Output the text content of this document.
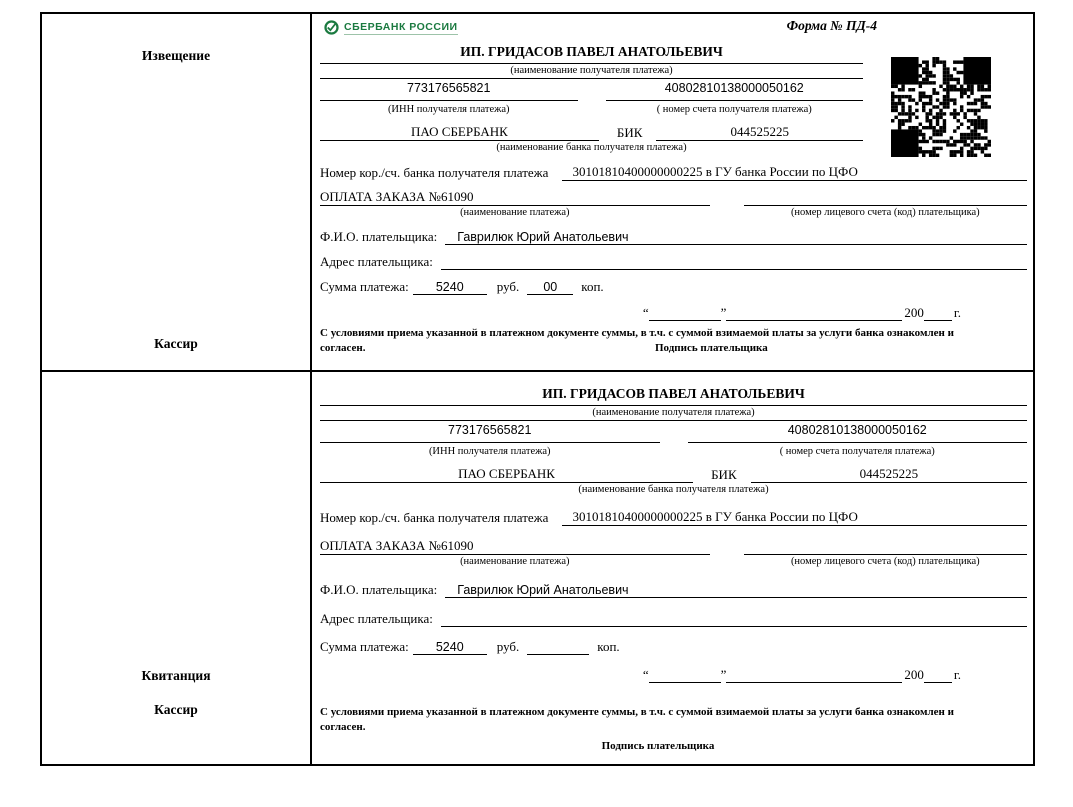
Извещение
Кассир
СБЕРБАНК РОССИИ	Форма № ПД-4
ИП. ГРИДАСОВ ПАВЕЛ АНАТОЛЬЕВИЧ
(наименование получателя платежа)
773176565821	40802810138000050162
(ИНН получателя платежа)	( номер счета получателя платежа)
ПАО СБЕРБАНК	БИК	044525225
(наименование банка получателя платежа)
Номер кор./сч. банка получателя платежа	30101810400000000225 в ГУ банка России по ЦФО
ОПЛАТА ЗАКАЗА №61090
(наименование платежа)	(номер лицевого счета (код) плательщика)
Ф.И.О. плательщика:	Гаврилюк Юрий Анатольевич
Адрес плательщика:
Сумма платежа:	5240	руб.	00	коп.
“	”	200 г.
С условиями приема указанной в платежном документе суммы, в т.ч. с суммой взимаемой платы за услуги банка ознакомлен и согласен.	Подпись плательщика
Квитанция
Кассир
ИП. ГРИДАСОВ ПАВЕЛ АНАТОЛЬЕВИЧ
(наименование получателя платежа)
773176565821	40802810138000050162
(ИНН получателя платежа)	( номер счета получателя платежа)
ПАО СБЕРБАНК	БИК	044525225
(наименование банка получателя платежа)
Номер кор./сч. банка получателя платежа	30101810400000000225 в ГУ банка России по ЦФО
ОПЛАТА ЗАКАЗА №61090
(наименование платежа)	(номер лицевого счета (код) плательщика)
Ф.И.О. плательщика:	Гаврилюк Юрий Анатольевич
Адрес плательщика:
Сумма платежа:	5240	руб.	коп.
“	”	200 г.
С условиями приема указанной в платежном документе суммы, в т.ч. с суммой взимаемой платы за услуги банка ознакомлен и согласен.
Подпись плательщика
